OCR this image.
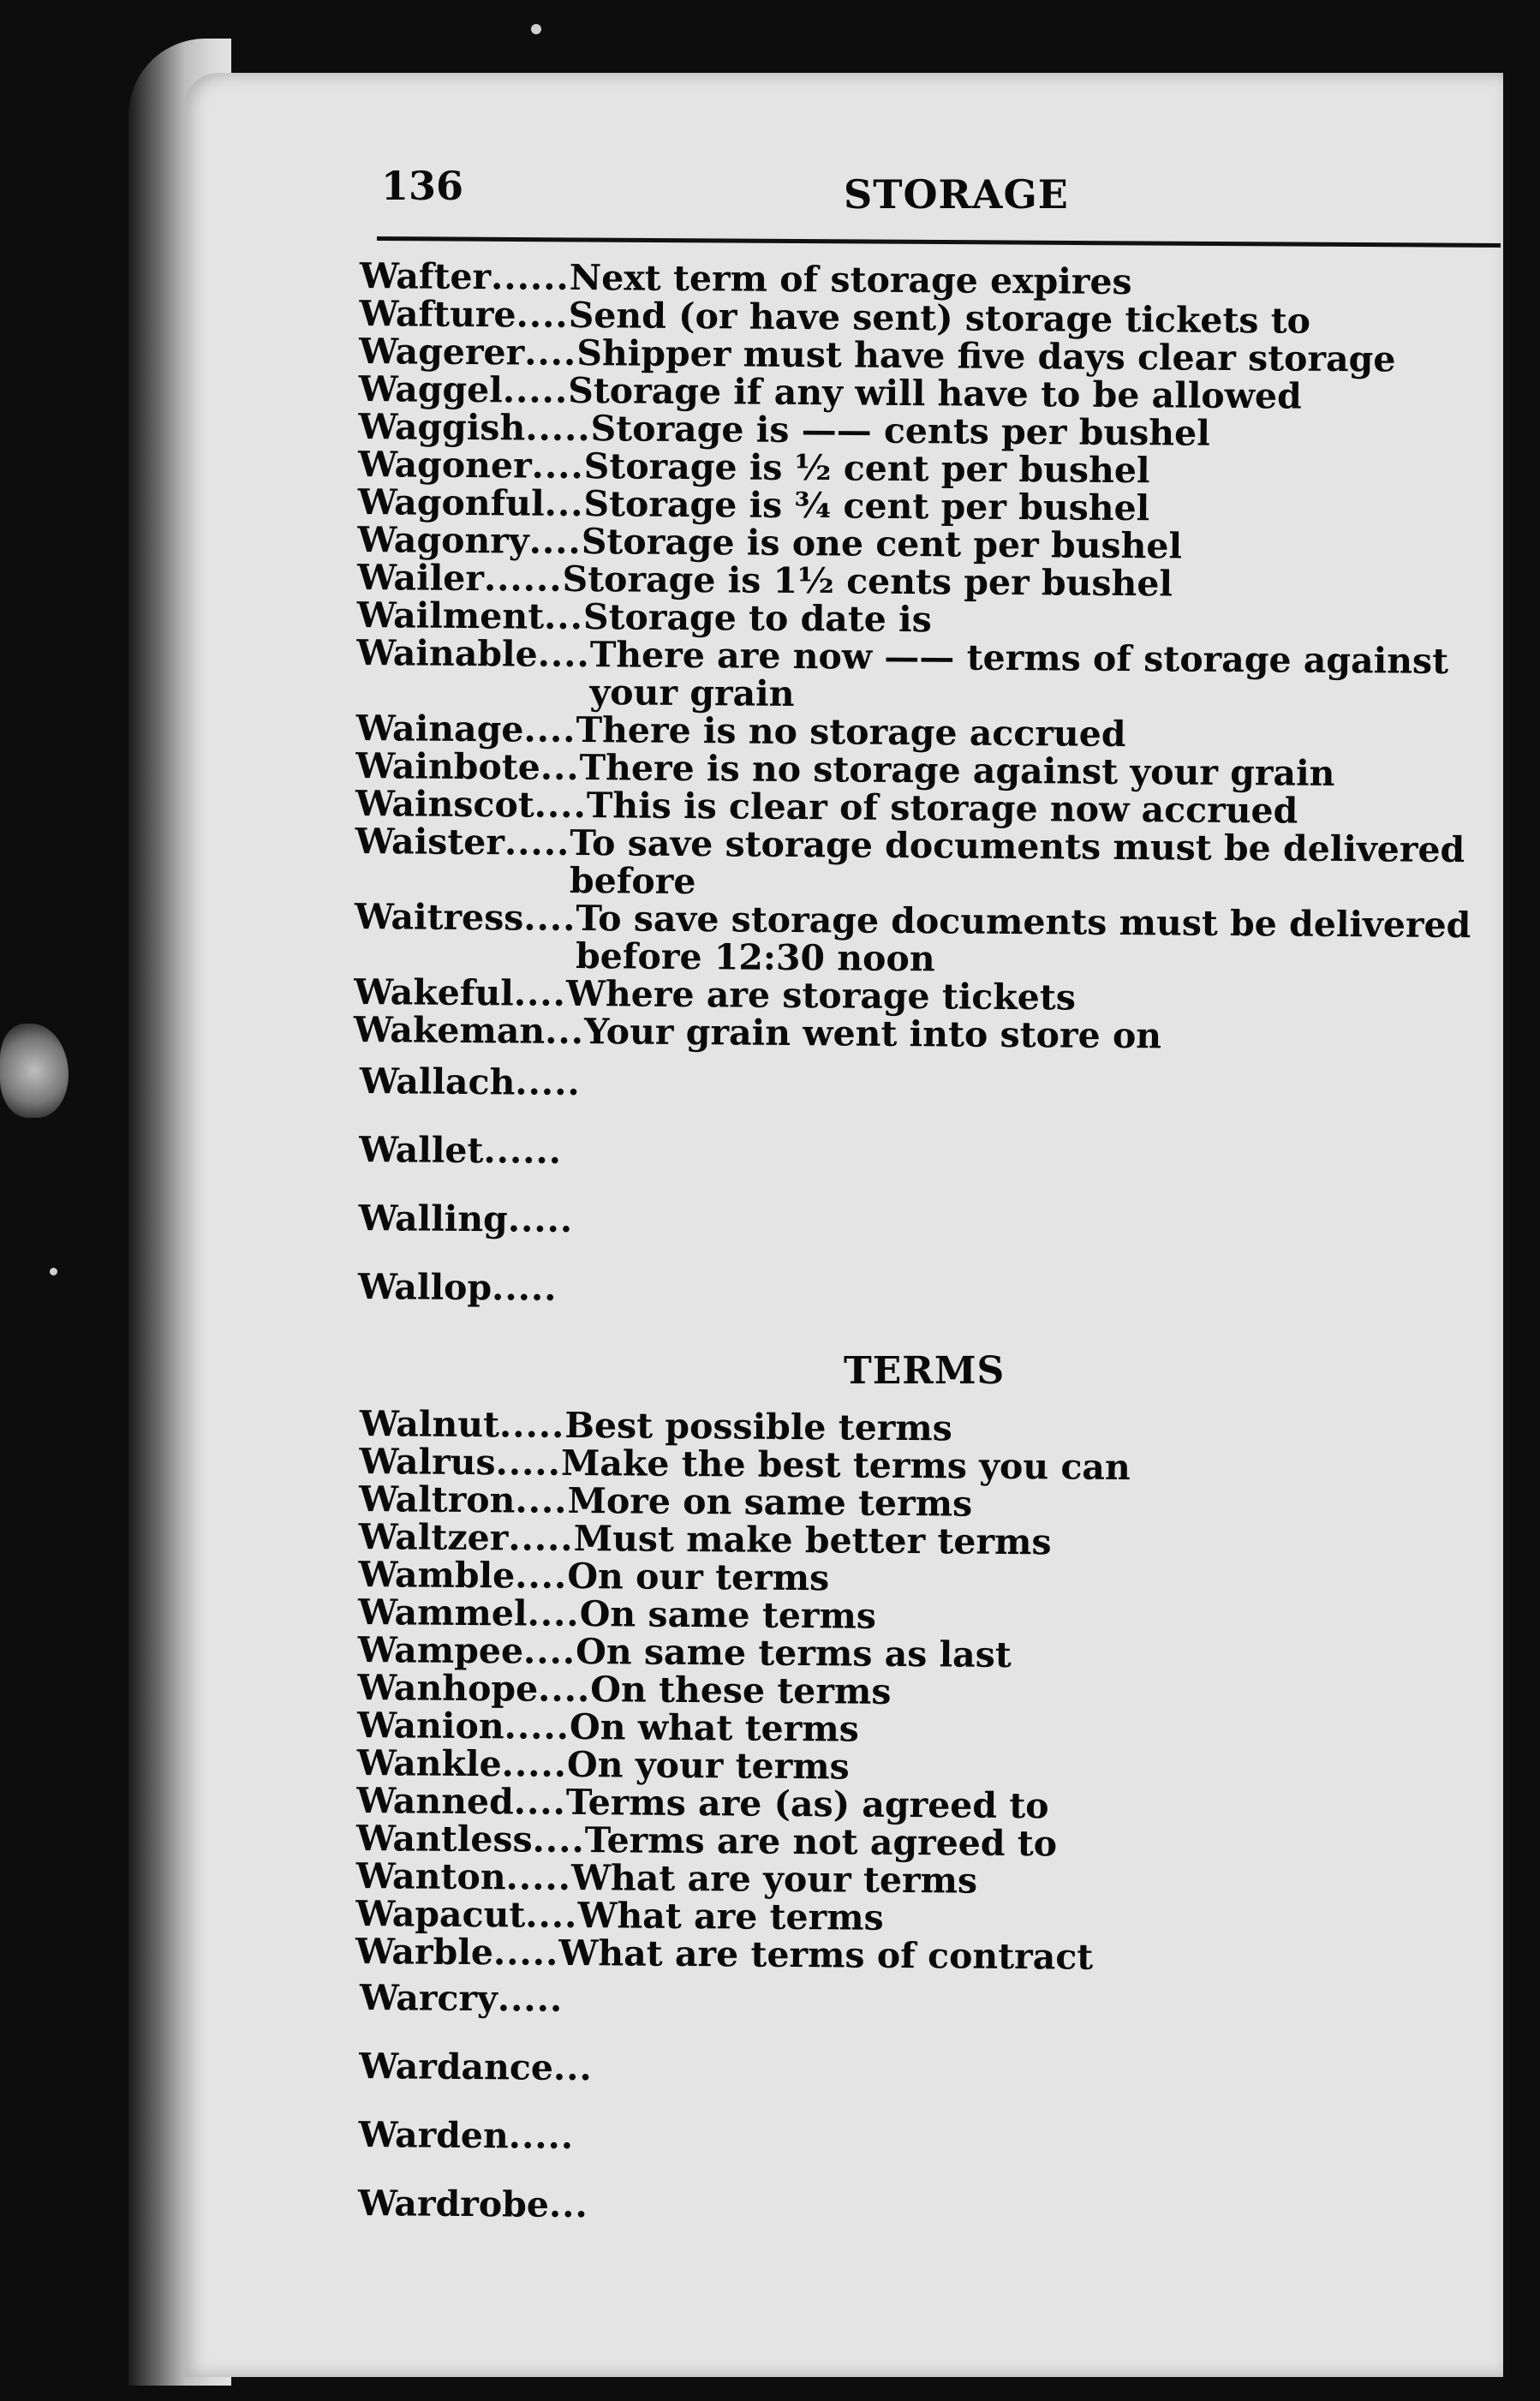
136	STORAGE
Wafter ...... Next term of storage expires
Wafture .... Send (or have sent) storage tickets to
Wagerer .... Shipper must have five days clear storage
Waggel ..... Storage if any will have to be allowed
Waggish ..... Storage is —— cents per bushel
Wagoner .... Storage is ½ cent per bushel
Wagonful ... Storage is ¾ cent per bushel
Wagonry .... Storage is one cent per bushel
Wailer ...... Storage is 1½ cents per bushel
Wailment ... Storage to date is
Wainable .... There are now —— terms of storage against your grain
Wainage .... There is no storage accrued
Wainbote ... There is no storage against your grain
Wainscot .... This is clear of storage now accrued
Waister ..... To save storage documents must be delivered before
Waitress .... To save storage documents must be delivered before 12:30 noon
Wakeful .... Where are storage tickets
Wakeman ... Your grain went into store on
Wallach .....
Wallet ......
Walling .....
Wallop .....
TERMS
Walnut ..... Best possible terms
Walrus ..... Make the best terms you can
Waltron .... More on same terms
Waltzer ..... Must make better terms
Wamble .... On our terms
Wammel .... On same terms
Wampee .... On same terms as last
Wanhope .... On these terms
Wanion ..... On what terms
Wankle ..... On your terms
Wanned .... Terms are (as) agreed to
Wantless .... Terms are not agreed to
Wanton ..... What are your terms
Wapacut .... What are terms
Warble ..... What are terms of contract
Warcry .....
Wardance ...
Warden .....
Wardrobe ...
